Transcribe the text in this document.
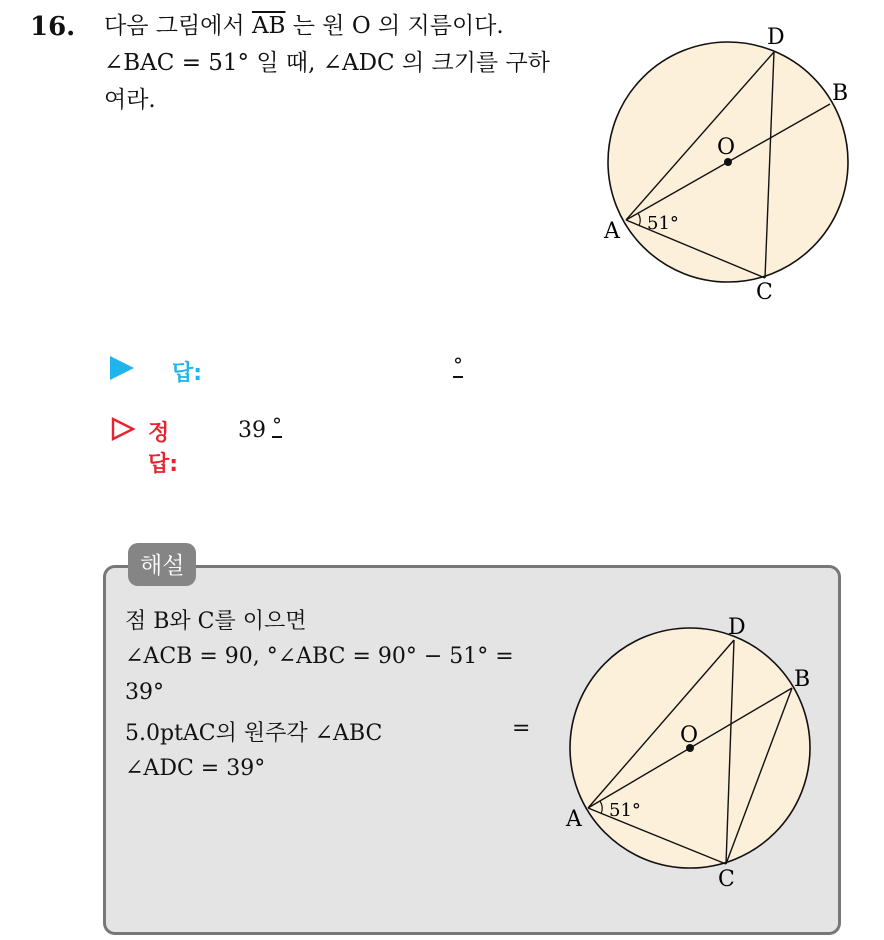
16. 다음 그림에서 $\overline{AB}$ 는 원 O 의 지름이다.
∠BAC = 51° 일 때, ∠ADC 의 크기를 구하
여라.
A
B
C
D
O
51°
답:	°
정답:
39 °
해설
점 B와 C를 이으면
∠ACB = 90, °∠ABC = 90° − 51° =
39°
5.0ptAC의 원주각 ∠ABC	=
∠ADC = 39°
A
B
C
D
O
51°
